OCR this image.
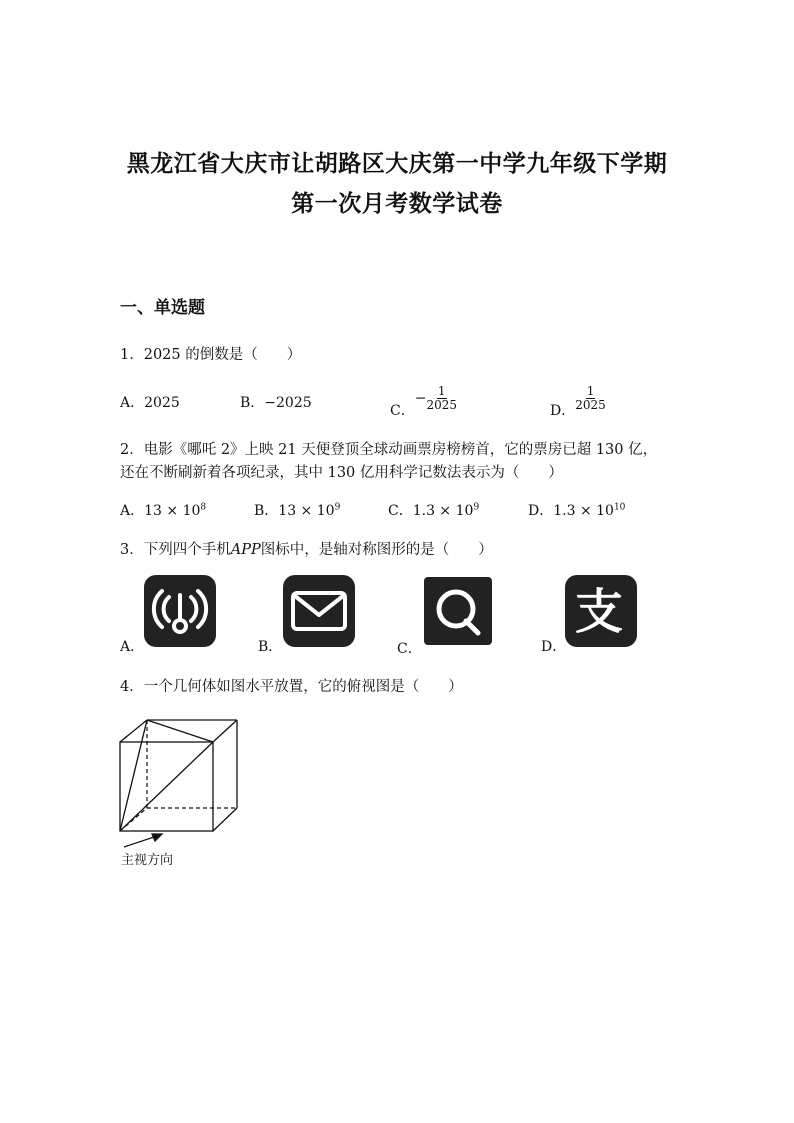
黑龙江省大庆市让胡路区大庆第一中学九年级下学期
第一次月考数学试卷
一、单选题
1．2025 的倒数是（　　）
A．2025	B．−2025	C．− $\frac{1}{2025}$	D． $\frac{1}{2025}$
2．电影《哪吒 2》上映 21 天便登顶全球动画票房榜榜首，它的票房已超 130 亿，
还在不断刷新着各项纪录，其中 130 亿用科学记数法表示为（　　）
A．$13 \times 10^8$	B．$13 \times 10^9$	C．$1.3 \times 10^9$	D．$1.3 \times 10^{10}$
3．下列四个手机APP图标中，是轴对称图形的是（　　）
A．	B．	C．	D．
支
4．一个几何体如图水平放置，它的俯视图是（　　）
主视方向
